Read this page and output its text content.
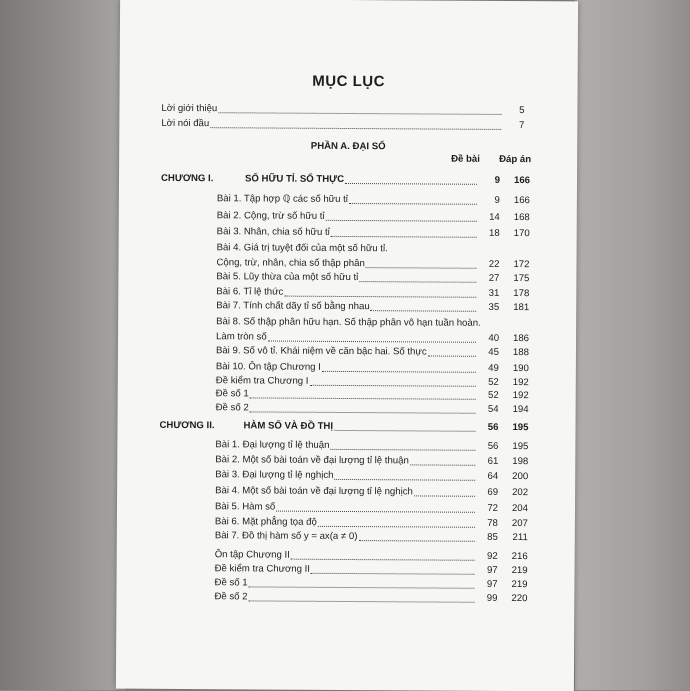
MỤC LỤC
PHẦN A. ĐẠI SỐ
Đề bài Đáp án
Lời giới thiệu	5
Lời nói đầu	7
CHƯƠNG I.	SỐ HỮU TỈ. SỐ THỰC	9	166
Bài 1. Tập hợp ℚ các số hữu tỉ	9	166
Bài 2. Cộng, trừ số hữu tỉ	14	168
Bài 3. Nhân, chia số hữu tỉ	18	170
Bài 4. Giá trị tuyệt đối của một số hữu tỉ.
Cộng, trừ, nhân, chia số thập phân	22	172
Bài 5. Lũy thừa của một số hữu tỉ	27	175
Bài 6. Tỉ lệ thức	31	178
Bài 7. Tính chất dãy tỉ số bằng nhau	35	181
Bài 8. Số thập phân hữu hạn. Số thập phân vô hạn tuần hoàn.
Làm tròn số	40	186
Bài 9. Số vô tỉ. Khái niệm về căn bậc hai. Số thực	45	188
Bài 10. Ôn tập Chương I	49	190
Đề kiểm tra Chương I	52	192
Đề số 1	52	192
Đề số 2	54	194
CHƯƠNG II.	HÀM SỐ VÀ ĐỒ THỊ	56	195
Bài 1. Đại lượng tỉ lệ thuận	56	195
Bài 2. Một số bài toán về đại lượng tỉ lệ thuận	61	198
Bài 3. Đại lượng tỉ lệ nghịch	64	200
Bài 4. Một số bài toán về đại lượng tỉ lệ nghịch	69	202
Bài 5. Hàm số	72	204
Bài 6. Mặt phẳng tọa độ	78	207
Bài 7. Đồ thị hàm số y = ax(a ≠ 0)	85	211
Ôn tập Chương II	92	216
Đề kiểm tra Chương II	97	219
Đề số 1	97	219
Đề số 2	99	220
